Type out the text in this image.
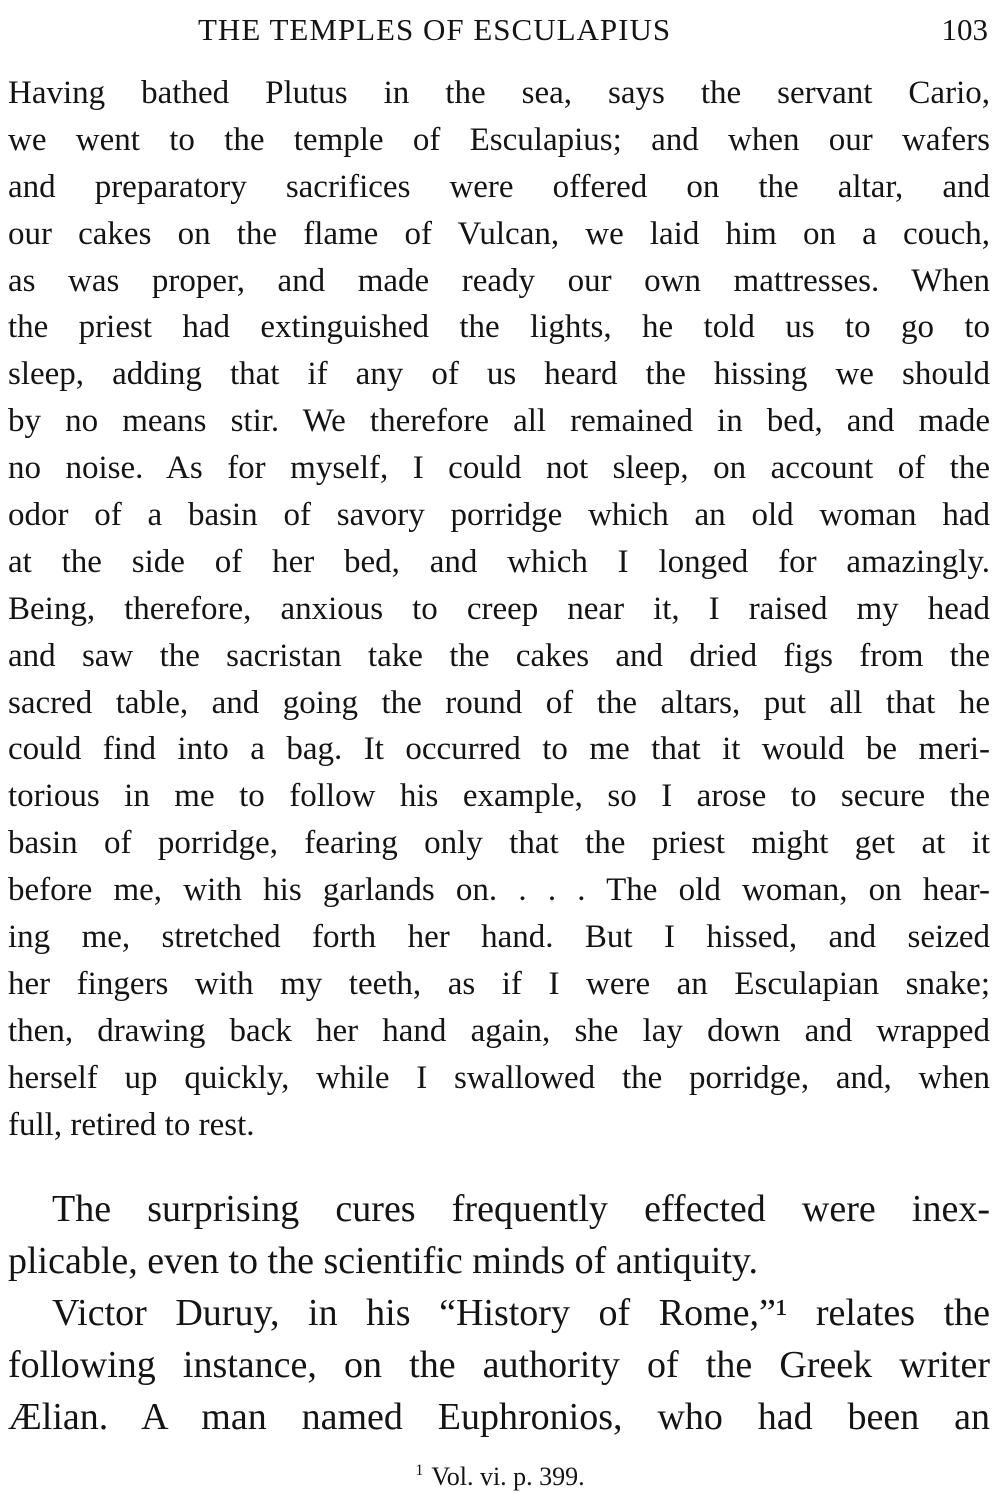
THE TEMPLES OF ESCULAPIUS	103
Having bathed Plutus in the sea, says the servant Cario,
we went to the temple of Esculapius; and when our wafers
and preparatory sacrifices were offered on the altar, and
our cakes on the flame of Vulcan, we laid him on a couch,
as was proper, and made ready our own mattresses. When
the priest had extinguished the lights, he told us to go to
sleep, adding that if any of us heard the hissing we should
by no means stir. We therefore all remained in bed, and made
no noise. As for myself, I could not sleep, on account of the
odor of a basin of savory porridge which an old woman had
at the side of her bed, and which I longed for amazingly.
Being, therefore, anxious to creep near it, I raised my head
and saw the sacristan take the cakes and dried figs from the
sacred table, and going the round of the altars, put all that he
could find into a bag. It occurred to me that it would be meri-
torious in me to follow his example, so I arose to secure the
basin of porridge, fearing only that the priest might get at it
before me, with his garlands on. . . . The old woman, on hear-
ing me, stretched forth her hand. But I hissed, and seized
her fingers with my teeth, as if I were an Esculapian snake;
then, drawing back her hand again, she lay down and wrapped
herself up quickly, while I swallowed the porridge, and, when
full, retired to rest.
The surprising cures frequently effected were inex-
plicable, even to the scientific minds of antiquity.
Victor Duruy, in his “History of Rome,”¹ relates the
following instance, on the authority of the Greek writer
Ælian. A man named Euphronios, who had been an
$^1$ Vol. vi. p. 399.
